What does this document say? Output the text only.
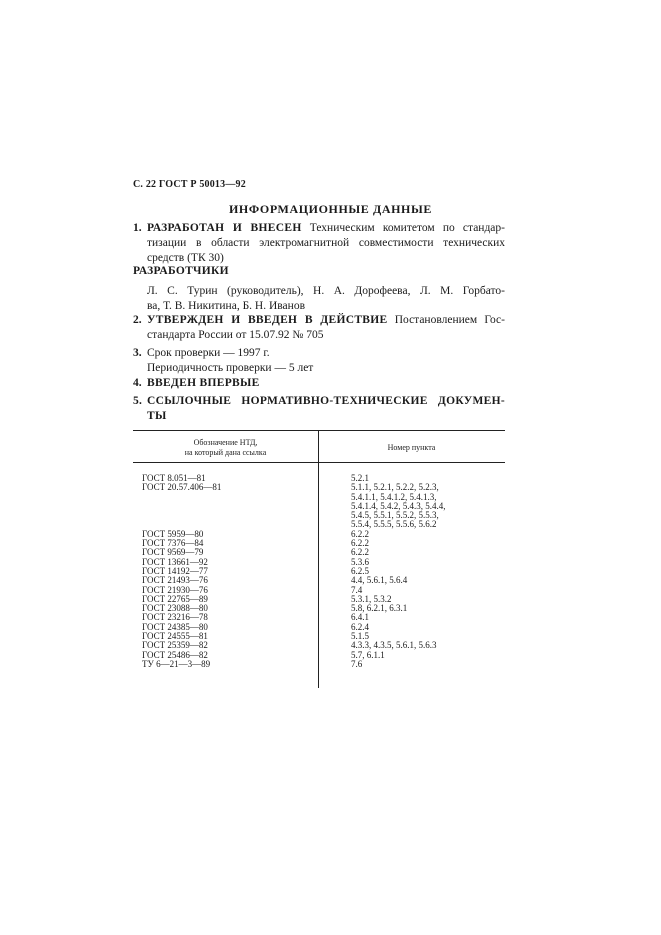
С. 22 ГОСТ Р 50013—92
ИНФОРМАЦИОННЫЕ ДАННЫЕ
1. РАЗРАБОТАН И ВНЕСЕН Техническим комитетом по стандар-
тизации в области электромагнитной совместимости технических
средств (ТК 30)
РАЗРАБОТЧИКИ
Л. С. Турин (руководитель), Н. А. Дорофеева, Л. М. Горбато-
ва, Т. В. Никитина, Б. Н. Иванов
2. УТВЕРЖДЕН И ВВЕДЕН В ДЕЙСТВИЕ Постановлением Гос-
стандарта России от 15.07.92 № 705
3. Срок проверки — 1997 г.
Периодичность проверки — 5 лет
4. ВВЕДЕН ВПЕРВЫЕ
5. ССЫЛОЧНЫЕ НОРМАТИВНО-ТЕХНИЧЕСКИЕ ДОКУМЕН-
ТЫ
Обозначение НТД,
на который дана ссылка
Номер пункта
ГОСТ 8.051—81
ГОСТ 20.57.406—81

ГОСТ 5959—80
ГОСТ 7376—84
ГОСТ 9569—79
ГОСТ 13661—92
ГОСТ 14192—77
ГОСТ 21493—76
ГОСТ 21930—76
ГОСТ 22765—89
ГОСТ 23088—80
ГОСТ 23216—78
ГОСТ 24385—80
ГОСТ 24555—81
ГОСТ 25359—82
ГОСТ 25486—82
ТУ 6—21—3—89
5.2.1
5.1.1, 5.2.1, 5.2.2, 5.2.3,
5.4.1.1, 5.4.1.2, 5.4.1.3,
5.4.1.4, 5.4.2, 5.4.3, 5.4.4,
5.4.5, 5.5.1, 5.5.2, 5.5.3,
5.5.4, 5.5.5, 5.5.6, 5.6.2
6.2.2
6.2.2
6.2.2
5.3.6
6.2.5
4.4, 5.6.1, 5.6.4
7.4
5.3.1, 5.3.2
5.8, 6.2.1, 6.3.1
6.4.1
6.2.4
5.1.5
4.3.3, 4.3.5, 5.6.1, 5.6.3
5.7, 6.1.1
7.6
